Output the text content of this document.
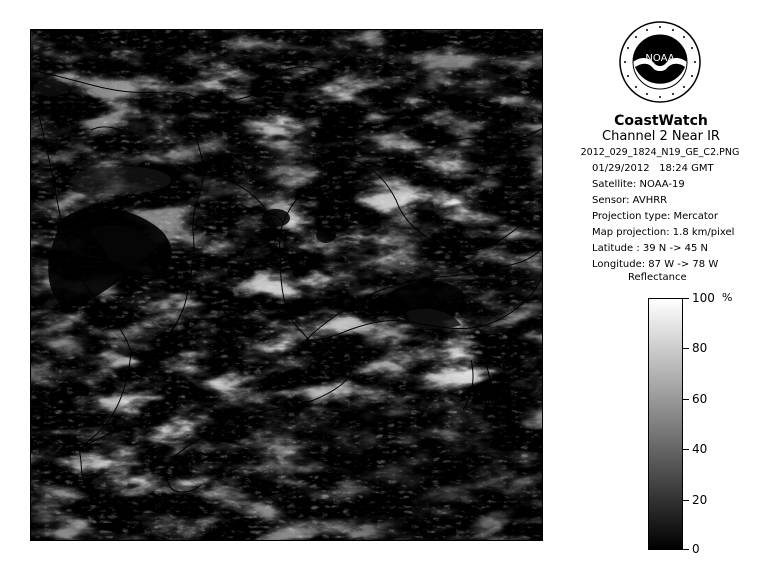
NOAA
CoastWatch
Channel 2 Near IR
2012_029_1824_N19_GE_C2.PNG
01/29/2012 18:24 GMT
Satellite: NOAA-19
Sensor: AVHRR
Projection type: Mercator
Map projection: 1.8 km/pixel
Latitude : 39 N -> 45 N
Longitude: 87 W -> 78 W
Reflectance
%
0
20
40
60
80
100
